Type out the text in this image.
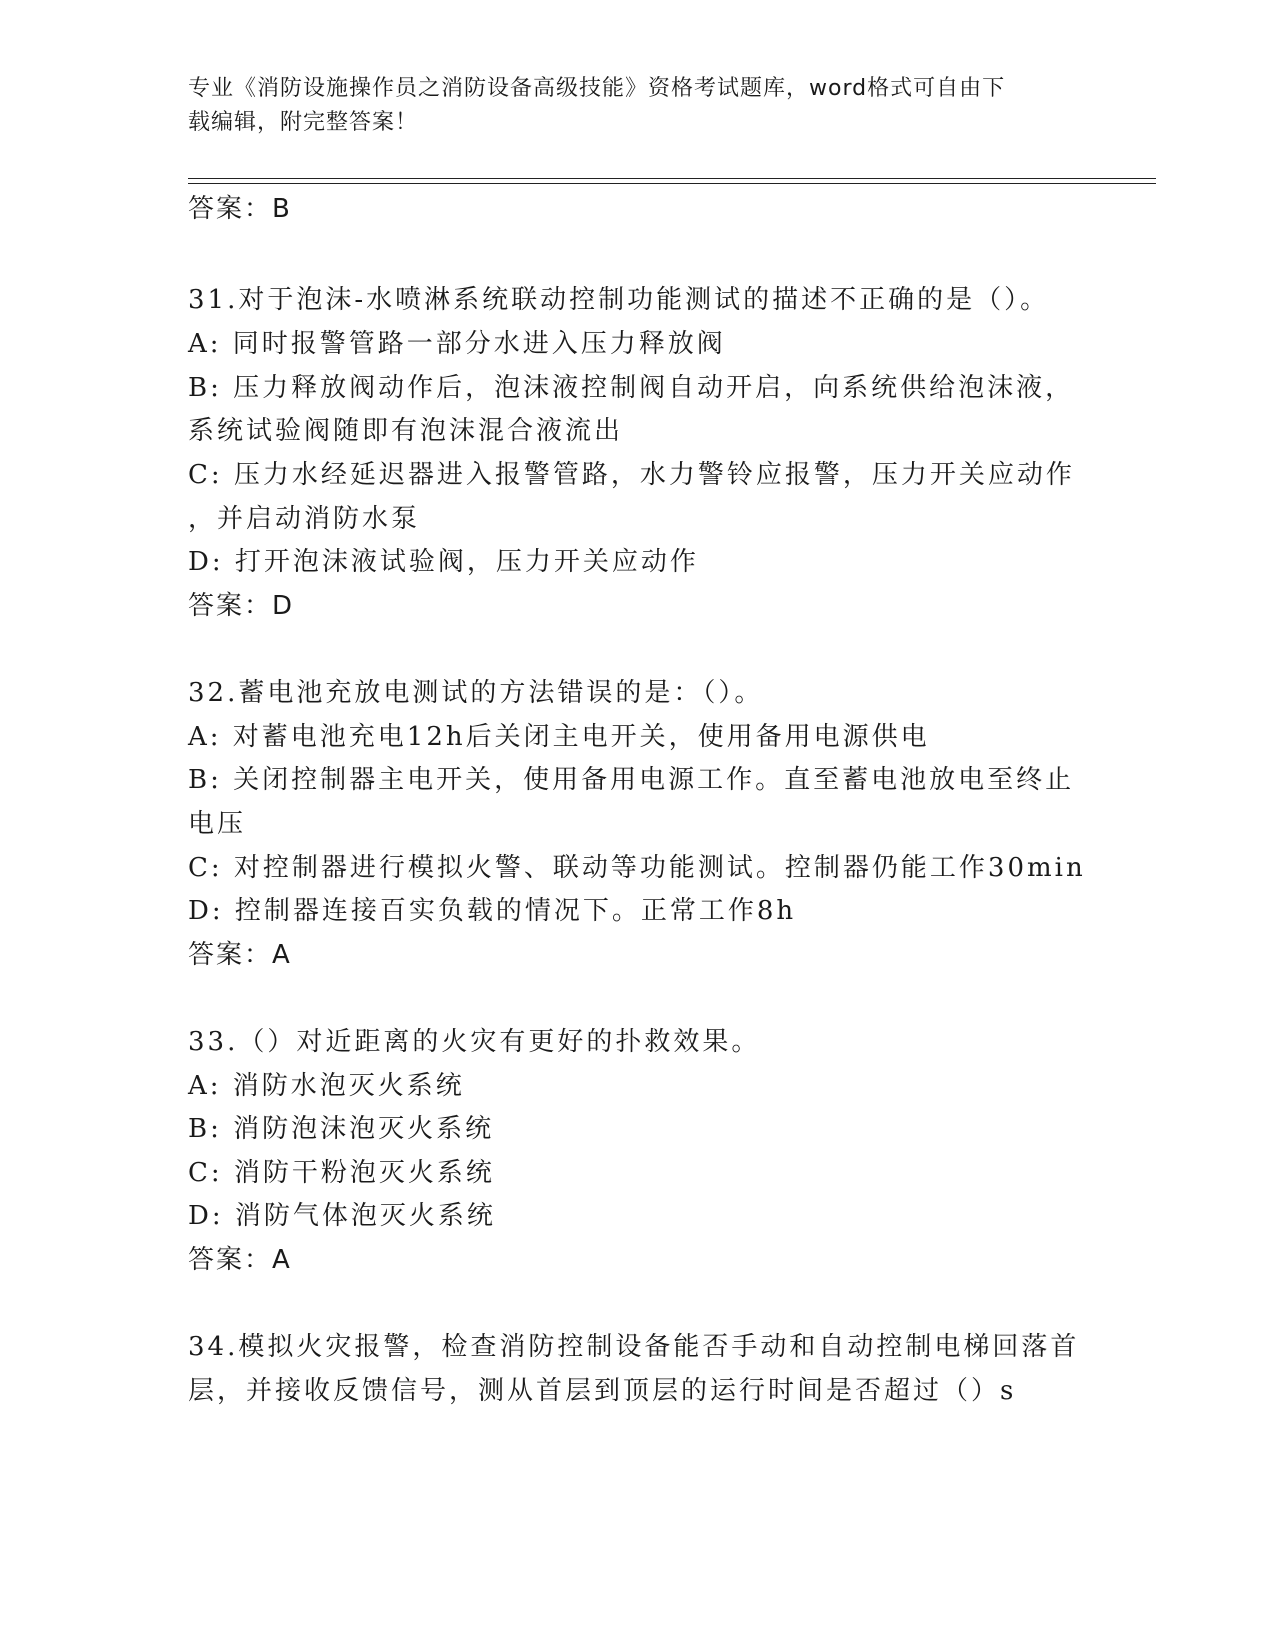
专业《消防设施操作员之消防设备高级技能》资格考试题库，word格式可自由下
载编辑，附完整答案！
答案：B
31.对于泡沫-水喷淋系统联动控制功能测试的描述不正确的是（）。
A: 同时报警管路一部分水进入压力释放阀
B: 压力释放阀动作后，泡沫液控制阀自动开启，向系统供给泡沫液，
系统试验阀随即有泡沫混合液流出
C: 压力水经延迟器进入报警管路，水力警铃应报警，压力开关应动作
，并启动消防水泵
D: 打开泡沫液试验阀，压力开关应动作
答案：D
32.蓄电池充放电测试的方法错误的是：（）。
A: 对蓄电池充电12h后关闭主电开关，使用备用电源供电
B: 关闭控制器主电开关，使用备用电源工作。直至蓄电池放电至终止
电压
C: 对控制器进行模拟火警、联动等功能测试。控制器仍能工作30min
D: 控制器连接百实负载的情况下。正常工作8h
答案：A
33.（）对近距离的火灾有更好的扑救效果。
A: 消防水泡灭火系统
B: 消防泡沫泡灭火系统
C: 消防干粉泡灭火系统
D: 消防气体泡灭火系统
答案：A
34.模拟火灾报警，检查消防控制设备能否手动和自动控制电梯回落首
层，并接收反馈信号，测从首层到顶层的运行时间是否超过（）s
